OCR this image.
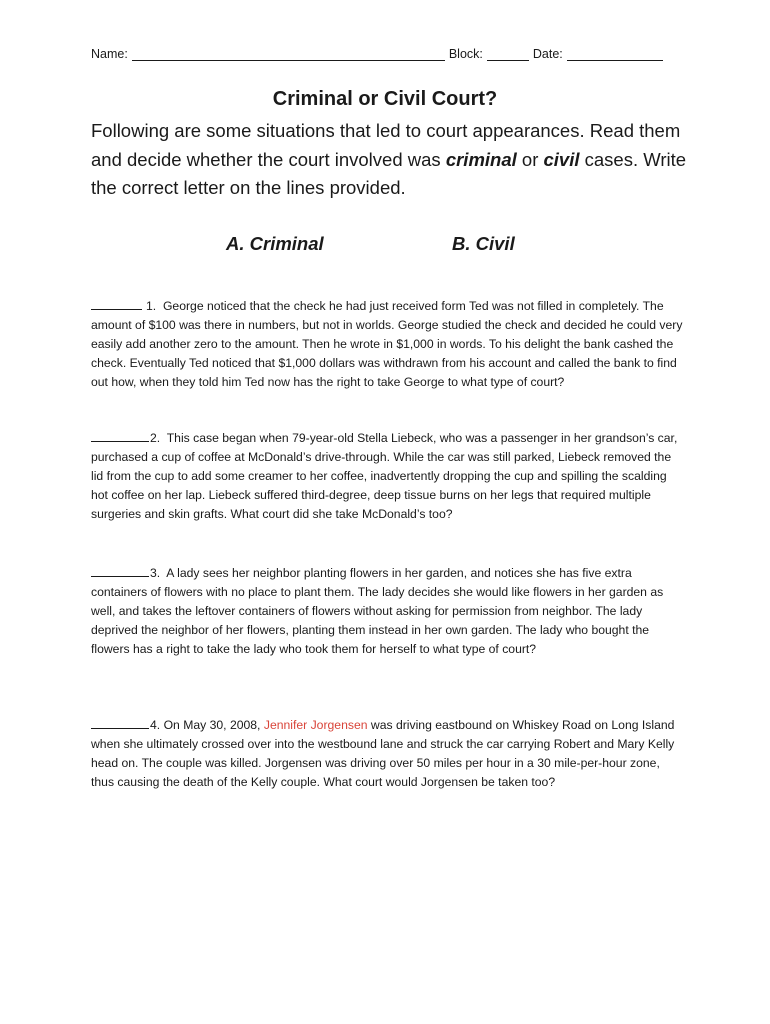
Name:	Block:	Date:
Criminal or Civil Court?
Following are some situations that led to court appearances. Read them and decide whether the court involved was criminal or civil cases. Write the correct letter on the lines provided.
A. Criminal	B. Civil
1. George noticed that the check he had just received form Ted was not filled in completely. The amount of $100 was there in numbers, but not in worlds. George studied the check and decided he could very easily add another zero to the amount. Then he wrote in $1,000 in words. To his delight the bank cashed the check. Eventually Ted noticed that $1,000 dollars was withdrawn from his account and called the bank to find out how, when they told him Ted now has the right to take George to what type of court?
2. This case began when 79-year-old Stella Liebeck, who was a passenger in her grandson’s car, purchased a cup of coffee at McDonald’s drive-through. While the car was still parked, Liebeck removed the lid from the cup to add some creamer to her coffee, inadvertently dropping the cup and spilling the scalding hot coffee on her lap. Liebeck suffered third-degree, deep tissue burns on her legs that required multiple surgeries and skin grafts. What court did she take McDonald’s too?
3. A lady sees her neighbor planting flowers in her garden, and notices she has five extra containers of flowers with no place to plant them. The lady decides she would like flowers in her garden as well, and takes the leftover containers of flowers without asking for permission from neighbor. The lady deprived the neighbor of her flowers, planting them instead in her own garden. The lady who bought the flowers has a right to take the lady who took them for herself to what type of court?
4. On May 30, 2008, Jennifer Jorgensen was driving eastbound on Whiskey Road on Long Island when she ultimately crossed over into the westbound lane and struck the car carrying Robert and Mary Kelly head on. The couple was killed. Jorgensen was driving over 50 miles per hour in a 30 mile-per-hour zone, thus causing the death of the Kelly couple. What court would Jorgensen be taken too?
